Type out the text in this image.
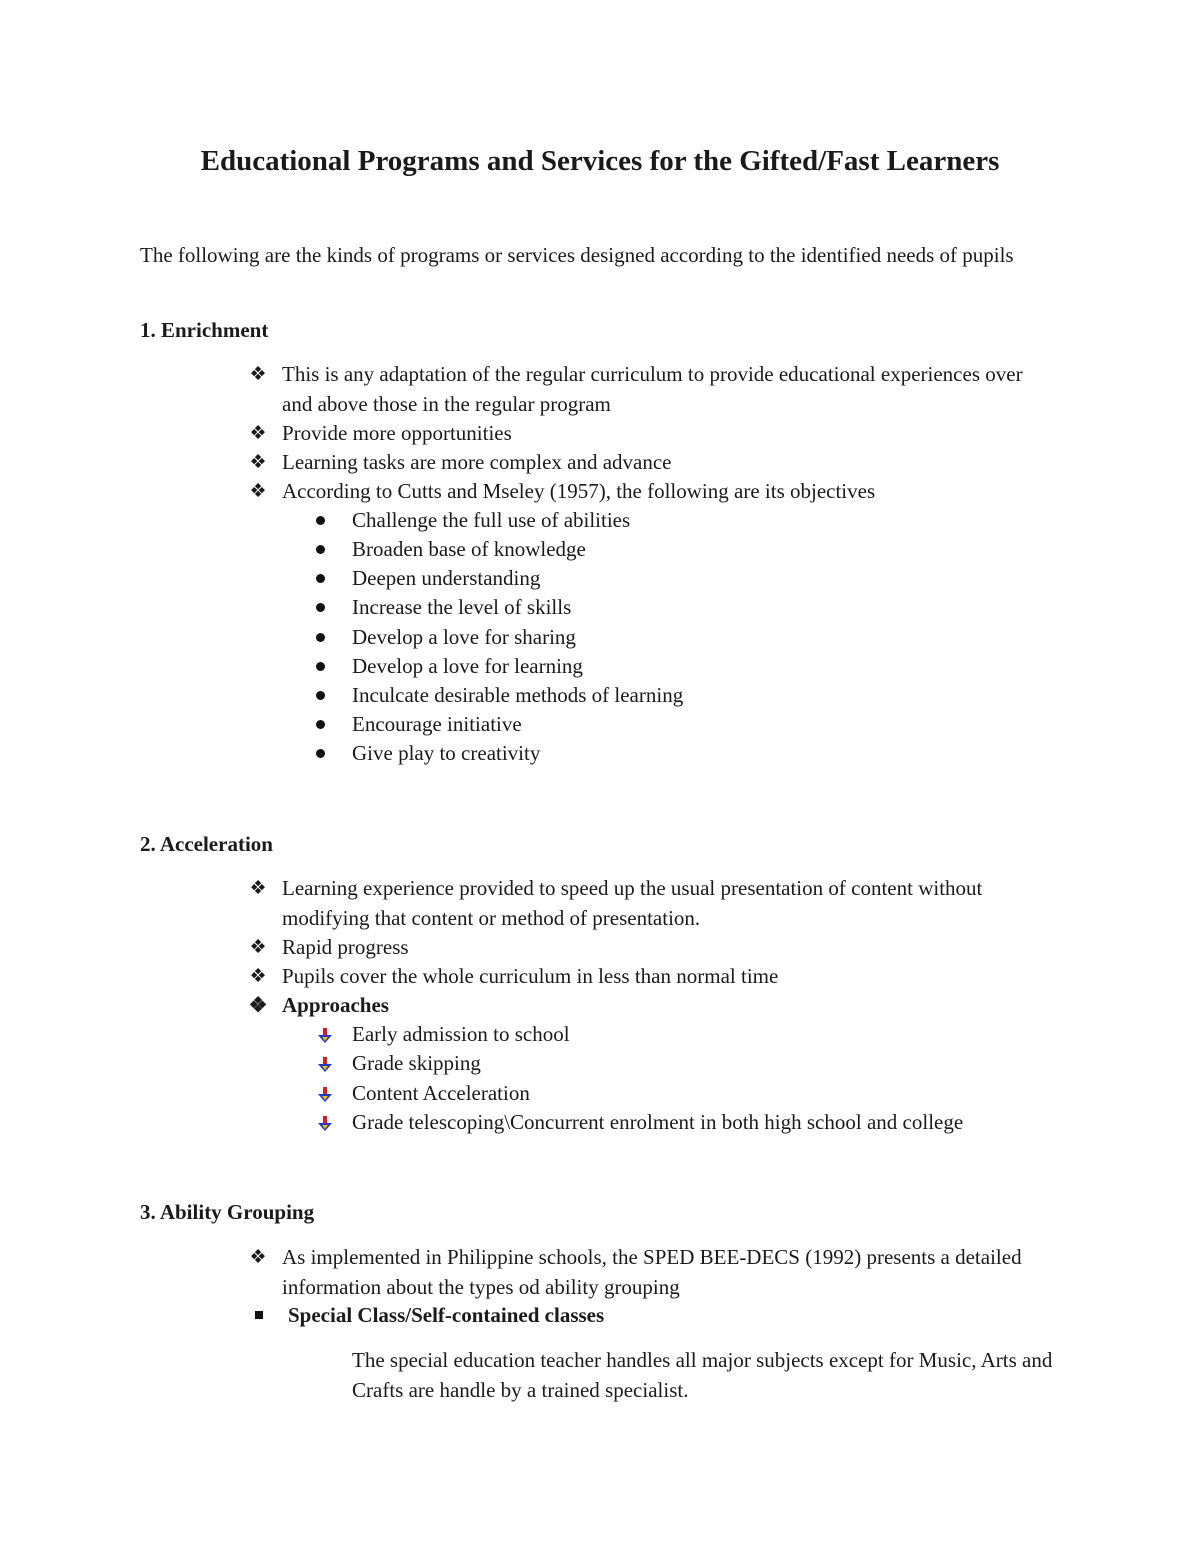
Educational Programs and Services for the Gifted/Fast Learners
The following are the kinds of programs or services designed according to the identified needs of pupils
1. Enrichment
❖ This is any adaptation of the regular curriculum to provide educational experiences over and above those in the regular program
❖ Provide more opportunities
❖ Learning tasks are more complex and advance
❖ According to Cutts and Mseley (1957), the following are its objectives
Challenge the full use of abilities
Broaden base of knowledge
Deepen understanding
Increase the level of skills
Develop a love for sharing
Develop a love for learning
Inculcate desirable methods of learning
Encourage initiative
Give play to creativity
2. Acceleration
❖ Learning experience provided to speed up the usual presentation of content without modifying that content or method of presentation.
❖ Rapid progress
❖ Pupils cover the whole curriculum in less than normal time
❖ Approaches
Early admission to school
Grade skipping
Content Acceleration
Grade telescoping\Concurrent enrolment in both high school and college
3. Ability Grouping
❖ As implemented in Philippine schools, the SPED BEE-DECS (1992) presents a detailed information about the types od ability grouping
Special Class/Self-contained classes
The special education teacher handles all major subjects except for Music, Arts and Crafts are handle by a trained specialist.
